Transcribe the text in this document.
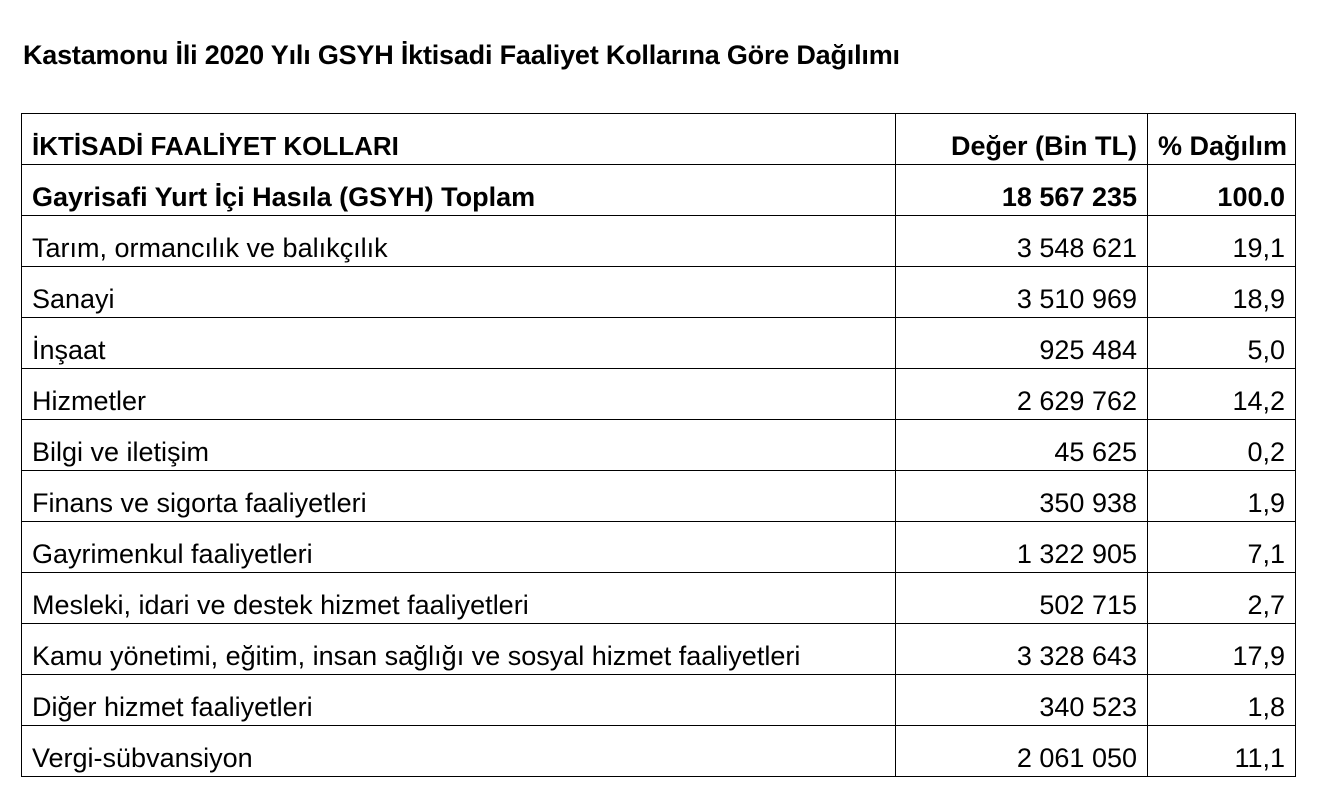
Kastamonu İli 2020 Yılı GSYH İktisadi Faaliyet Kollarına Göre Dağılımı
İKTİSADİ FAALİYET KOLLARI	Değer (Bin TL)	% Dağılım
Gayrisafi Yurt İçi Hasıla (GSYH) Toplam	18 567 235	100.0
Tarım, ormancılık ve balıkçılık	3 548 621	19,1
Sanayi	3 510 969	18,9
İnşaat	925 484	5,0
Hizmetler	2 629 762	14,2
Bilgi ve iletişim	45 625	0,2
Finans ve sigorta faaliyetleri	350 938	1,9
Gayrimenkul faaliyetleri	1 322 905	7,1
Mesleki, idari ve destek hizmet faaliyetleri	502 715	2,7
Kamu yönetimi, eğitim, insan sağlığı ve sosyal hizmet faaliyetleri	3 328 643	17,9
Diğer hizmet faaliyetleri	340 523	1,8
Vergi-sübvansiyon	2 061 050	11,1
